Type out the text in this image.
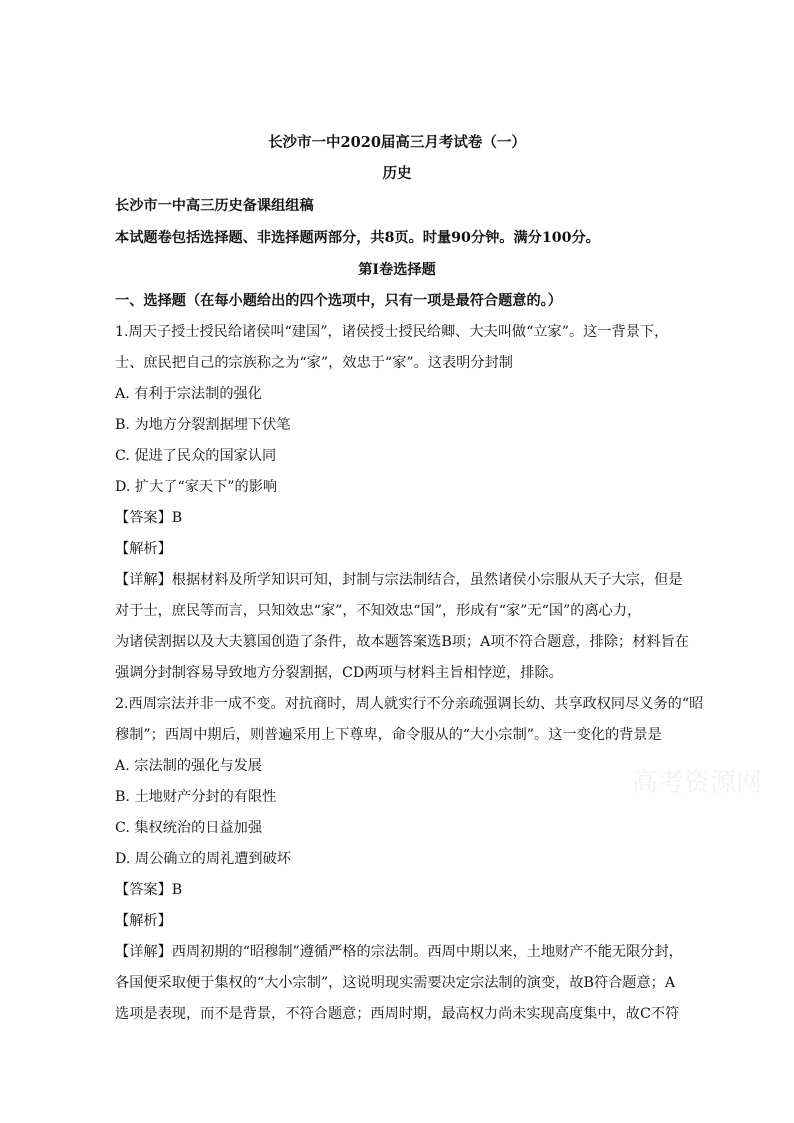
长沙市一中2020届高三月考试卷（一）
历史
长沙市一中高三历史备课组组稿
本试题卷包括选择题、非选择题两部分，共8页。时量90分钟。满分100分。
第Ⅰ卷选择题
一、选择题（在每小题给出的四个选项中，只有一项是最符合题意的。）
1.周天子授士授民给诸侯叫“建国”，诸侯授士授民给卿、大夫叫做“立家”。这一背景下，
士、庶民把自己的宗族称之为“家”，效忠于“家”。这表明分封制
A. 有利于宗法制的强化
B. 为地方分裂割据埋下伏笔
C. 促进了民众的国家认同
D. 扩大了“家天下”的影响
【答案】B
【解析】
【详解】根据材料及所学知识可知，封制与宗法制结合，虽然诸侯小宗服从天子大宗，但是
对于士，庶民等而言，只知效忠“家”，不知效忠“国”，形成有“家”无“国”的离心力，
为诸侯割据以及大夫篡国创造了条件，故本题答案选B项；A项不符合题意，排除；材料旨在
强调分封制容易导致地方分裂割据，CD两项与材料主旨相悖逆，排除。
2.西周宗法并非一成不变。对抗商时，周人就实行不分亲疏强调长幼、共享政权同尽义务的“昭
穆制”；西周中期后，则普遍采用上下尊卑，命令服从的“大小宗制”。这一变化的背景是
A. 宗法制的强化与发展
B. 土地财产分封的有限性
C. 集权统治的日益加强
D. 周公确立的周礼遭到破坏
【答案】B
【解析】
【详解】西周初期的“昭穆制”遵循严格的宗法制。西周中期以来，土地财产不能无限分封，
各国便采取便于集权的“大小宗制”，这说明现实需要决定宗法制的演变，故B符合题意；A
选项是表现，而不是背景，不符合题意；西周时期，最高权力尚未实现高度集中，故C不符
高考资源网
